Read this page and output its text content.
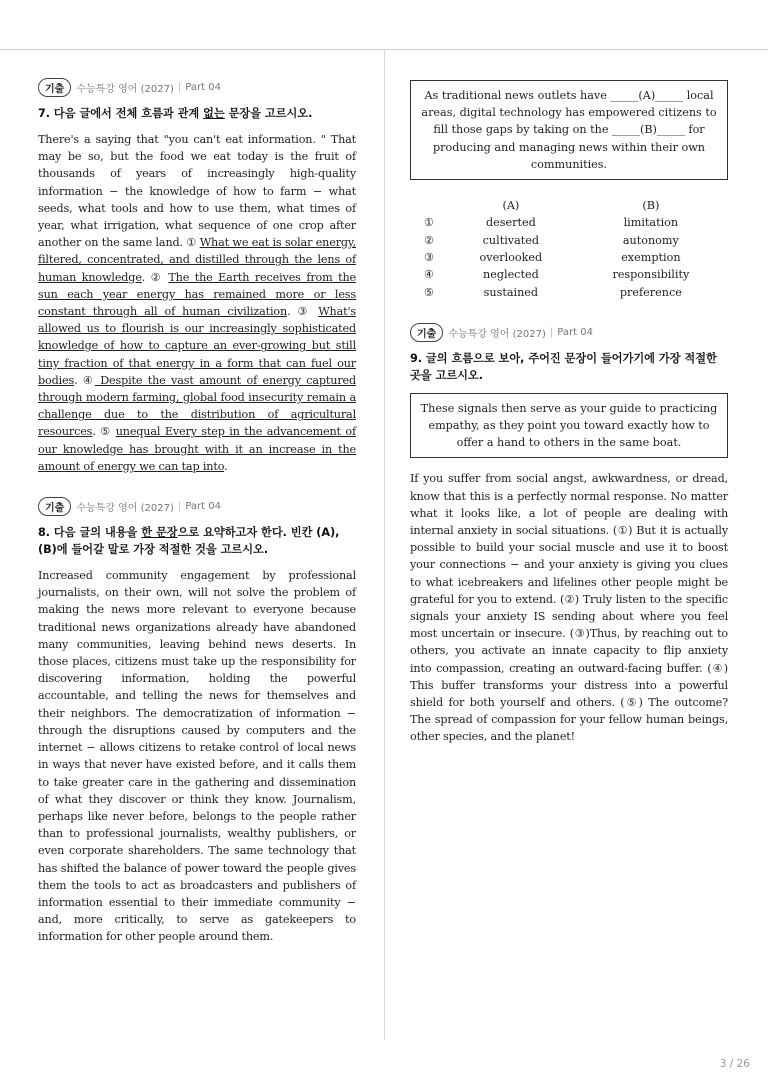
기출	수능특강 영어 (2027) | Part 04

7. 다음 글에서 전체 흐름과 관계 없는 문장을 고르시오.

There's a saying that "you can't eat information. " That may be so, but the food we eat today is the fruit of thousands of years of increasingly high-quality information − the knowledge of how to farm − what seeds, what tools and how to use them, what times of year, what irrigation, what sequence of one crop after another on the same land. ① What we eat is solar energy, filtered, concentrated, and distilled through the lens of human knowledge. ② The the Earth receives from the sun each year energy has remained more or less constant through all of human civilization. ③ What's allowed us to flourish is our increasingly sophisticated knowledge of how to capture an ever-growing but still tiny fraction of that energy in a form that can fuel our bodies. ④ Despite the vast amount of energy captured through modern farming, global food insecurity remain a challenge due to the distribution of agricultural resources. ⑤ unequal Every step in the advancement of our knowledge has brought with it an increase in the amount of energy we can tap into.

기출	수능특강 영어 (2027) | Part 04

8. 다음 글의 내용을 한 문장으로 요약하고자 한다. 빈칸 (A), (B)에 들어갈 말로 가장 적절한 것을 고르시오.

Increased community engagement by professional journalists, on their own, will not solve the problem of making the news more relevant to everyone because traditional news organizations already have abandoned many communities, leaving behind news deserts. In those places, citizens must take up the responsibility for discovering information, holding the powerful accountable, and telling the news for themselves and their neighbors. The democratization of information − through the disruptions caused by computers and the internet − allows citizens to retake control of local news in ways that never have existed before, and it calls them to take greater care in the gathering and dissemination of what they discover or think they know. Journalism, perhaps like never before, belongs to the people rather than to professional journalists, wealthy publishers, or even corporate shareholders. The same technology that has shifted the balance of power toward the people gives them the tools to act as broadcasters and publishers of information essential to their immediate community − and, more critically, to serve as gatekeepers to information for other people around them.

As traditional news outlets have _____(A)_____ local areas, digital technology has empowered citizens to fill those gaps by taking on the _____(B)_____ for producing and managing news within their own communities.

	(A)	(B)
①	deserted	limitation
②	cultivated	autonomy
③	overlooked	exemption
④	neglected	responsibility
⑤	sustained	preference
기출	수능특강 영어 (2027) | Part 04

9. 글의 흐름으로 보아, 주어진 문장이 들어가기에 가장 적절한 곳을 고르시오.

These signals then serve as your guide to practicing empathy, as they point you toward exactly how to offer a hand to others in the same boat.

If you suffer from social angst, awkwardness, or dread, know that this is a perfectly normal response. No matter what it looks like, a lot of people are dealing with internal anxiety in social situations. (①) But it is actually possible to build your social muscle and use it to boost your connections − and your anxiety is giving you clues to what icebreakers and lifelines other people might be grateful for you to extend. (②) Truly listen to the specific signals your anxiety IS sending about where you feel most uncertain or insecure. (③)Thus, by reaching out to others, you activate an innate capacity to flip anxiety into compassion, creating an outward-facing buffer. (④) This buffer transforms your distress into a powerful shield for both yourself and others. (⑤) The outcome? The spread of compassion for your fellow human beings, other species, and the planet!

3 / 26
